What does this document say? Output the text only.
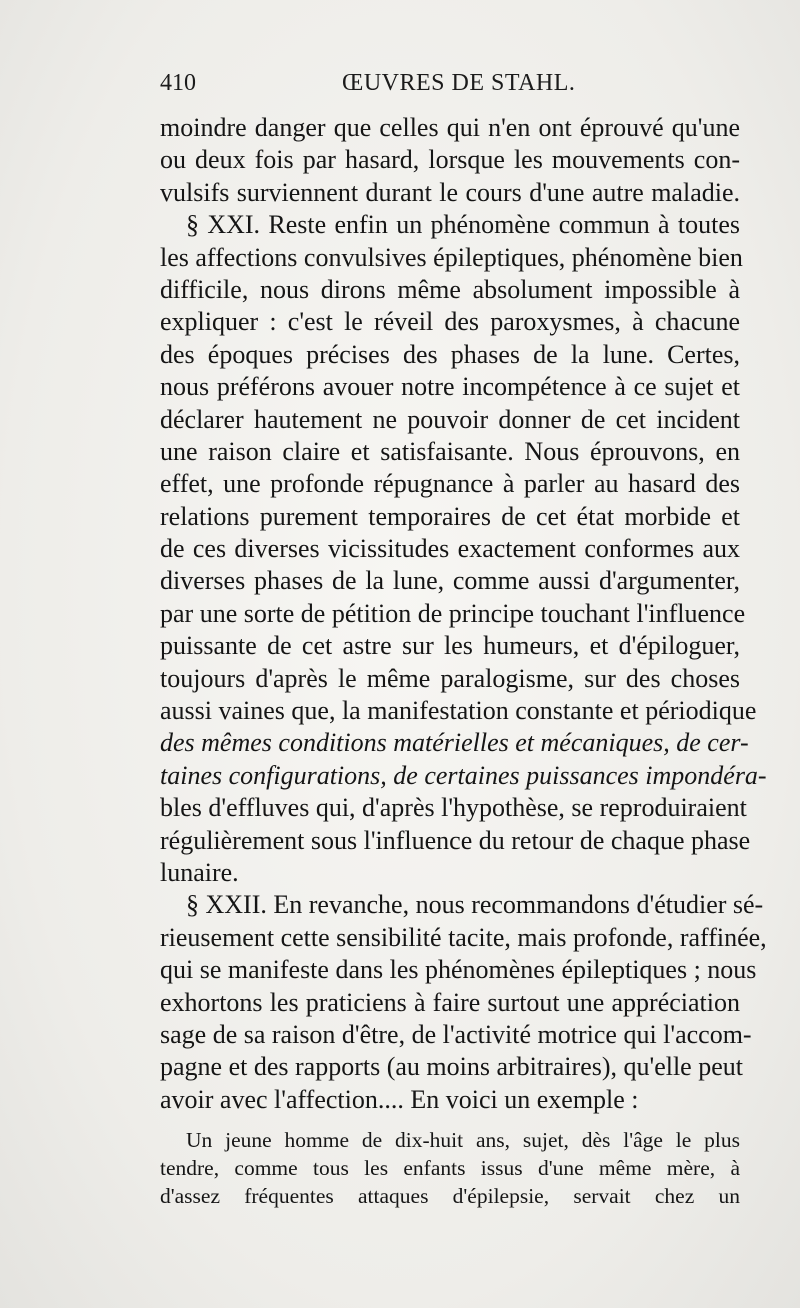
410	ŒUVRES DE STAHL.
moindre danger que celles qui n'en ont éprouvé qu'une
ou deux fois par hasard, lorsque les mouvements con-
vulsifs surviennent durant le cours d'une autre maladie.
§ XXI. Reste enfin un phénomène commun à toutes
les affections convulsives épileptiques, phénomène bien
difficile, nous dirons même absolument impossible à
expliquer : c'est le réveil des paroxysmes, à chacune
des époques précises des phases de la lune. Certes,
nous préférons avouer notre incompétence à ce sujet et
déclarer hautement ne pouvoir donner de cet incident
une raison claire et satisfaisante. Nous éprouvons, en
effet, une profonde répugnance à parler au hasard des
relations purement temporaires de cet état morbide et
de ces diverses vicissitudes exactement conformes aux
diverses phases de la lune, comme aussi d'argumenter,
par une sorte de pétition de principe touchant l'influence
puissante de cet astre sur les humeurs, et d'épiloguer,
toujours d'après le même paralogisme, sur des choses
aussi vaines que, la manifestation constante et périodique
des mêmes conditions matérielles et mécaniques, de cer-
taines configurations, de certaines puissances impondéra-
bles d'effluves qui, d'après l'hypothèse, se reproduiraient
régulièrement sous l'influence du retour de chaque phase
lunaire.
§ XXII. En revanche, nous recommandons d'étudier sé-
rieusement cette sensibilité tacite, mais profonde, raffinée,
qui se manifeste dans les phénomènes épileptiques ; nous
exhortons les praticiens à faire surtout une appréciation
sage de sa raison d'être, de l'activité motrice qui l'accom-
pagne et des rapports (au moins arbitraires), qu'elle peut
avoir avec l'affection.... En voici un exemple :
Un jeune homme de dix-huit ans, sujet, dès l'âge le plus
tendre, comme tous les enfants issus d'une même mère, à
d'assez fréquentes attaques d'épilepsie, servait chez un
